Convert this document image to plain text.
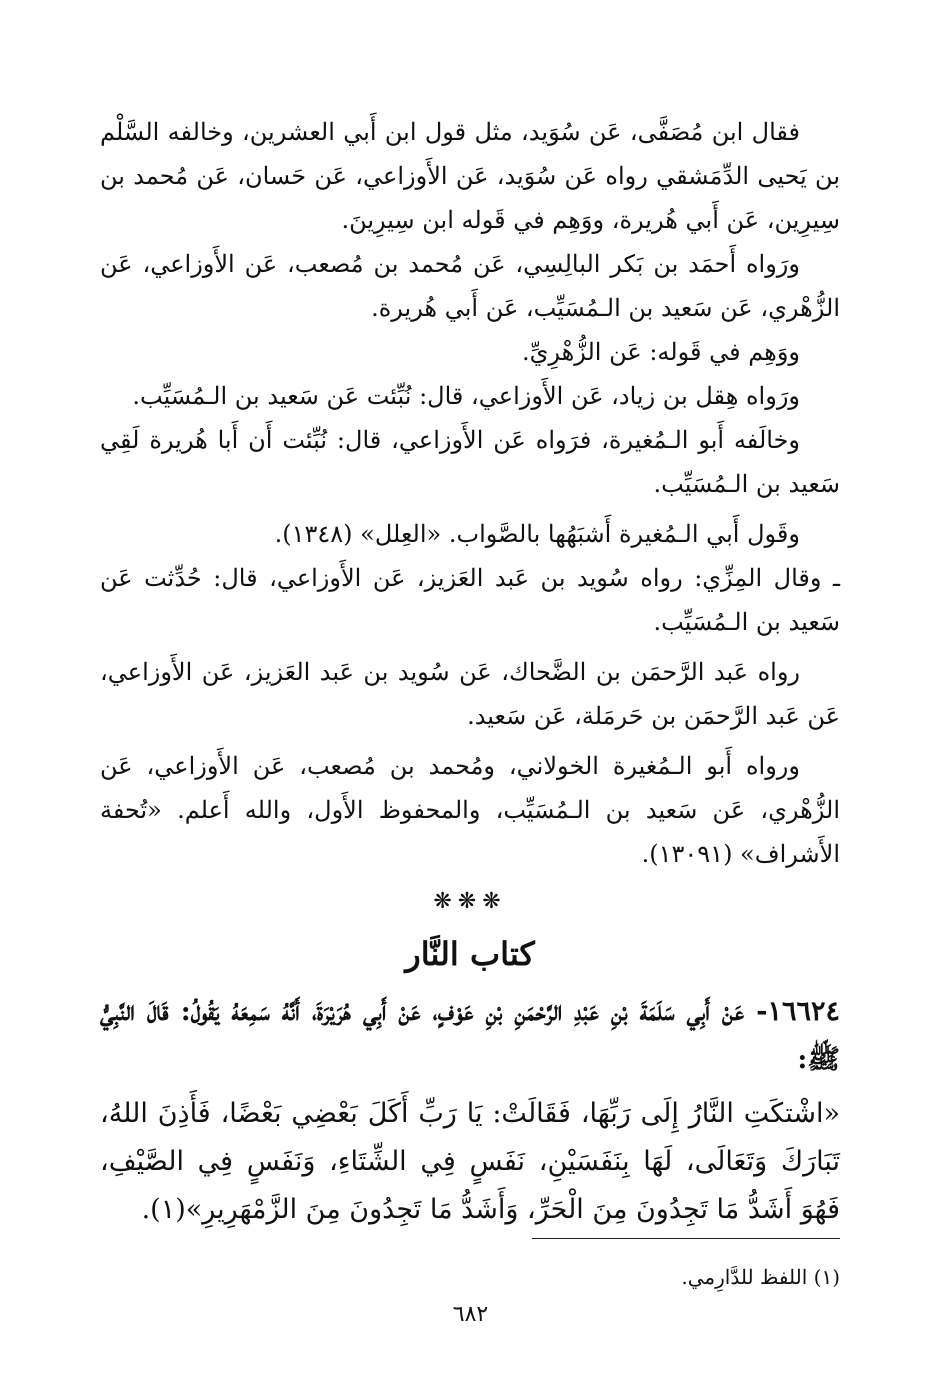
فقال ابن مُصَفَّى، عَن سُوَيد، مثل قول ابن أَبي العشرين، وخالفه السَّلْم بن يَحيى الدِّمَشقي رواه عَن سُوَيد، عَن الأَوزاعي، عَن حَسان، عَن مُحمد بن سِيرِين، عَن أَبي هُريرة، ووَهِم في قَوله ابن سِيرِينَ.

ورَواه أَحمَد بن بَكر البالِسِي، عَن مُحمد بن مُصعب، عَن الأَوزاعي، عَن الزُّهْري، عَن سَعيد بن الـمُسَيِّب، عَن أَبي هُريرة.

ووَهِم في قَوله: عَن الزُّهْرِيِّ.

ورَواه هِقل بن زياد، عَن الأَوزاعي، قال: نُبِّئت عَن سَعيد بن الـمُسَيِّب.

وخالَفه أَبو الـمُغيرة، فرَواه عَن الأَوزاعي، قال: نُبِّئت أَن أَبا هُريرة لَقِي سَعيد بن الـمُسَيِّب.

وقَول أَبي الـمُغيرة أَشبَهُها بالصَّواب. «العِلل» (١٣٤٨).

ـ وقال المِزِّي: رواه سُويد بن عَبد العَزيز، عَن الأَوزاعي، قال: حُدِّثت عَن سَعيد بن الـمُسَيِّب.

رواه عَبد الرَّحمَن بن الضَّحاك، عَن سُويد بن عَبد العَزيز، عَن الأَوزاعي، عَن عَبد الرَّحمَن بن حَرمَلة، عَن سَعيد.

ورواه أَبو الـمُغيرة الخولاني، ومُحمد بن مُصعب، عَن الأَوزاعي، عَن الزُّهْري، عَن سَعيد بن الـمُسَيِّب، والمحفوظ الأَول، والله أَعلم. «تُحفة الأَشراف» (١٣٠٩١).

❋❋❋
كتاب النَّار

١٦٦٢٤- عَنْ أَبِي سَلَمَةَ بْنِ عَبْدِ الرَّحْمَنِ بْنِ عَوْفٍ، عَنْ أَبِي هُرَيْرَةَ، أَنَّهُ سَمِعَهُ يَقُولُ: قَالَ النَّبِيُّ ﷺ:

«اشْتكَتِ النَّارُ إِلَى رَبِّهَا، فَقَالَتْ: يَا رَبِّ أَكَلَ بَعْضِي بَعْضًا، فَأَذِنَ اللهُ، تَبَارَكَ وَتَعَالَى، لَهَا بِنَفَسَيْنِ، نَفَسٍ فِي الشِّتَاءِ، وَنَفَسٍ فِي الصَّيْفِ، فَهُوَ أَشَدُّ مَا تَجِدُونَ مِنَ الْحَرِّ، وَأَشَدُّ مَا تَجِدُونَ مِنَ الزَّمْهَرِيرِ»(١).

(١) اللفظ للدَّارِمي.
٦٨٢
